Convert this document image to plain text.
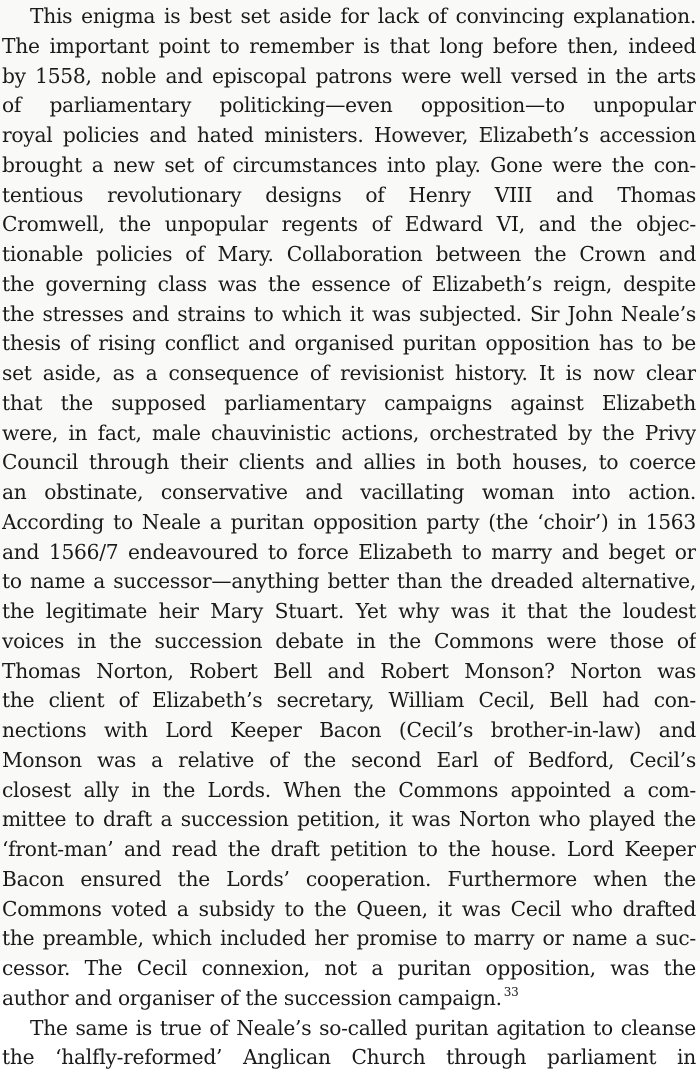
This enigma is best set aside for lack of convincing explanation.
The important point to remember is that long before then, indeed
by 1558, noble and episcopal patrons were well versed in the arts
of parliamentary politicking—even opposition—to unpopular
royal policies and hated ministers. However, Elizabeth’s accession
brought a new set of circumstances into play. Gone were the con-
tentious revolutionary designs of Henry VIII and Thomas
Cromwell, the unpopular regents of Edward VI, and the objec-
tionable policies of Mary. Collaboration between the Crown and
the governing class was the essence of Elizabeth’s reign, despite
the stresses and strains to which it was subjected. Sir John Neale’s
thesis of rising conflict and organised puritan opposition has to be
set aside, as a consequence of revisionist history. It is now clear
that the supposed parliamentary campaigns against Elizabeth
were, in fact, male chauvinistic actions, orchestrated by the Privy
Council through their clients and allies in both houses, to coerce
an obstinate, conservative and vacillating woman into action.
According to Neale a puritan opposition party (the ‘choir’) in 1563
and 1566/7 endeavoured to force Elizabeth to marry and beget or
to name a successor—anything better than the dreaded alternative,
the legitimate heir Mary Stuart. Yet why was it that the loudest
voices in the succession debate in the Commons were those of
Thomas Norton, Robert Bell and Robert Monson? Norton was
the client of Elizabeth’s secretary, William Cecil, Bell had con-
nections with Lord Keeper Bacon (Cecil’s brother-in-law) and
Monson was a relative of the second Earl of Bedford, Cecil’s
closest ally in the Lords. When the Commons appointed a com-
mittee to draft a succession petition, it was Norton who played the
‘front-man’ and read the draft petition to the house. Lord Keeper
Bacon ensured the Lords’ cooperation. Furthermore when the
Commons voted a subsidy to the Queen, it was Cecil who drafted
the preamble, which included her promise to marry or name a suc-
cessor. The Cecil connexion, not a puritan opposition, was the
author and organiser of the succession campaign. $^{33}$
The same is true of Neale’s so-called puritan agitation to cleanse
the ‘halfly-reformed’ Anglican Church through parliament in
